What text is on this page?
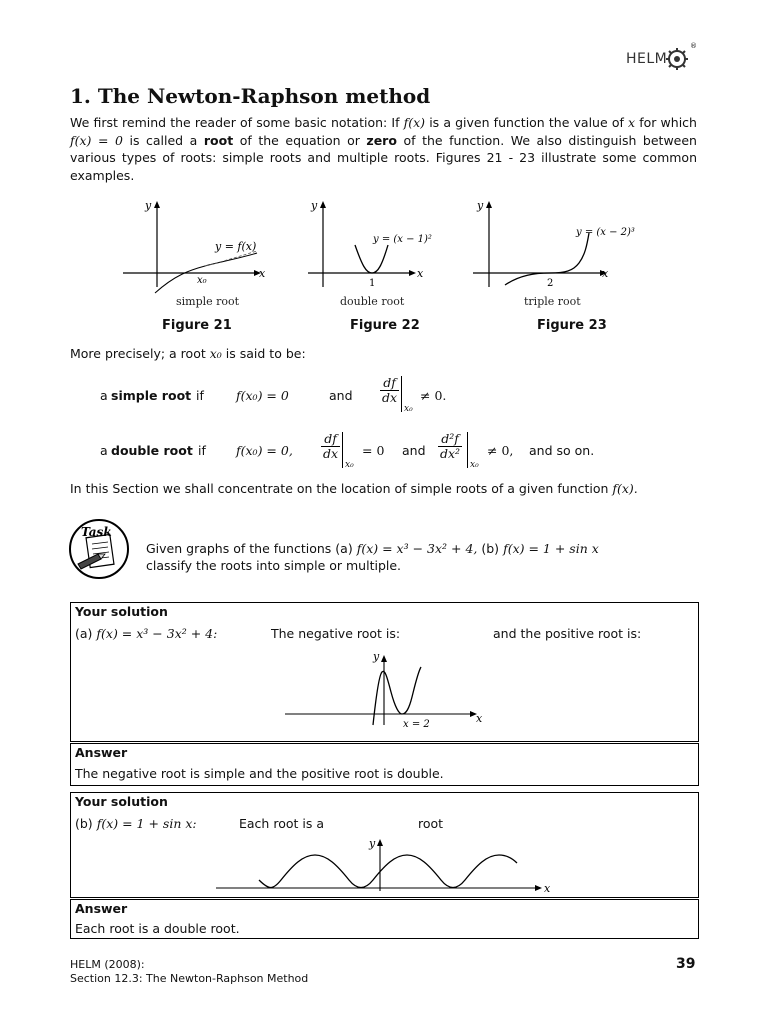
HELM
®
1. The Newton-Raphson method
We first remind the reader of some basic notation: If f(x) is a given function the value of x for which f(x) = 0 is called a root of the equation or zero of the function. We also distinguish between various types of roots: simple roots and multiple roots. Figures 21 - 23 illustrate some common examples.
y
x
x₀
y = f(x)
simple root
Figure 21
y
x
1
y = (x − 1)²
double root
Figure 22
y
x
2
y = (x − 2)³
triple root
Figure 23
More precisely; a root x₀ is said to be:
a simple root if	f(x₀) = 0	and $\frac{df}{dx}$
x₀
≠ 0.
a double root if f(x₀) = 0, $\frac{df}{dx}$
x₀
= 0 and $\frac{\text{d²f}}{\text{dx²}}$
x₀
≠ 0, and so on.
In this Section we shall concentrate on the location of simple roots of a given function f(x).
Task
Given graphs of the functions (a) f(x) = x³ − 3x² + 4, (b) f(x) = 1 + sin x
classify the roots into simple or multiple.
Your solution
(a) f(x) = x³ − 3x² + 4:	The negative root is:	and the positive root is:
y
x
x = 2
Answer
The negative root is simple and the positive root is double.
Your solution
(b) f(x) = 1 + sin x:	Each root is a	root
y
x
Answer
Each root is a double root.
HELM (2008):
Section 12.3: The Newton-Raphson Method
39
